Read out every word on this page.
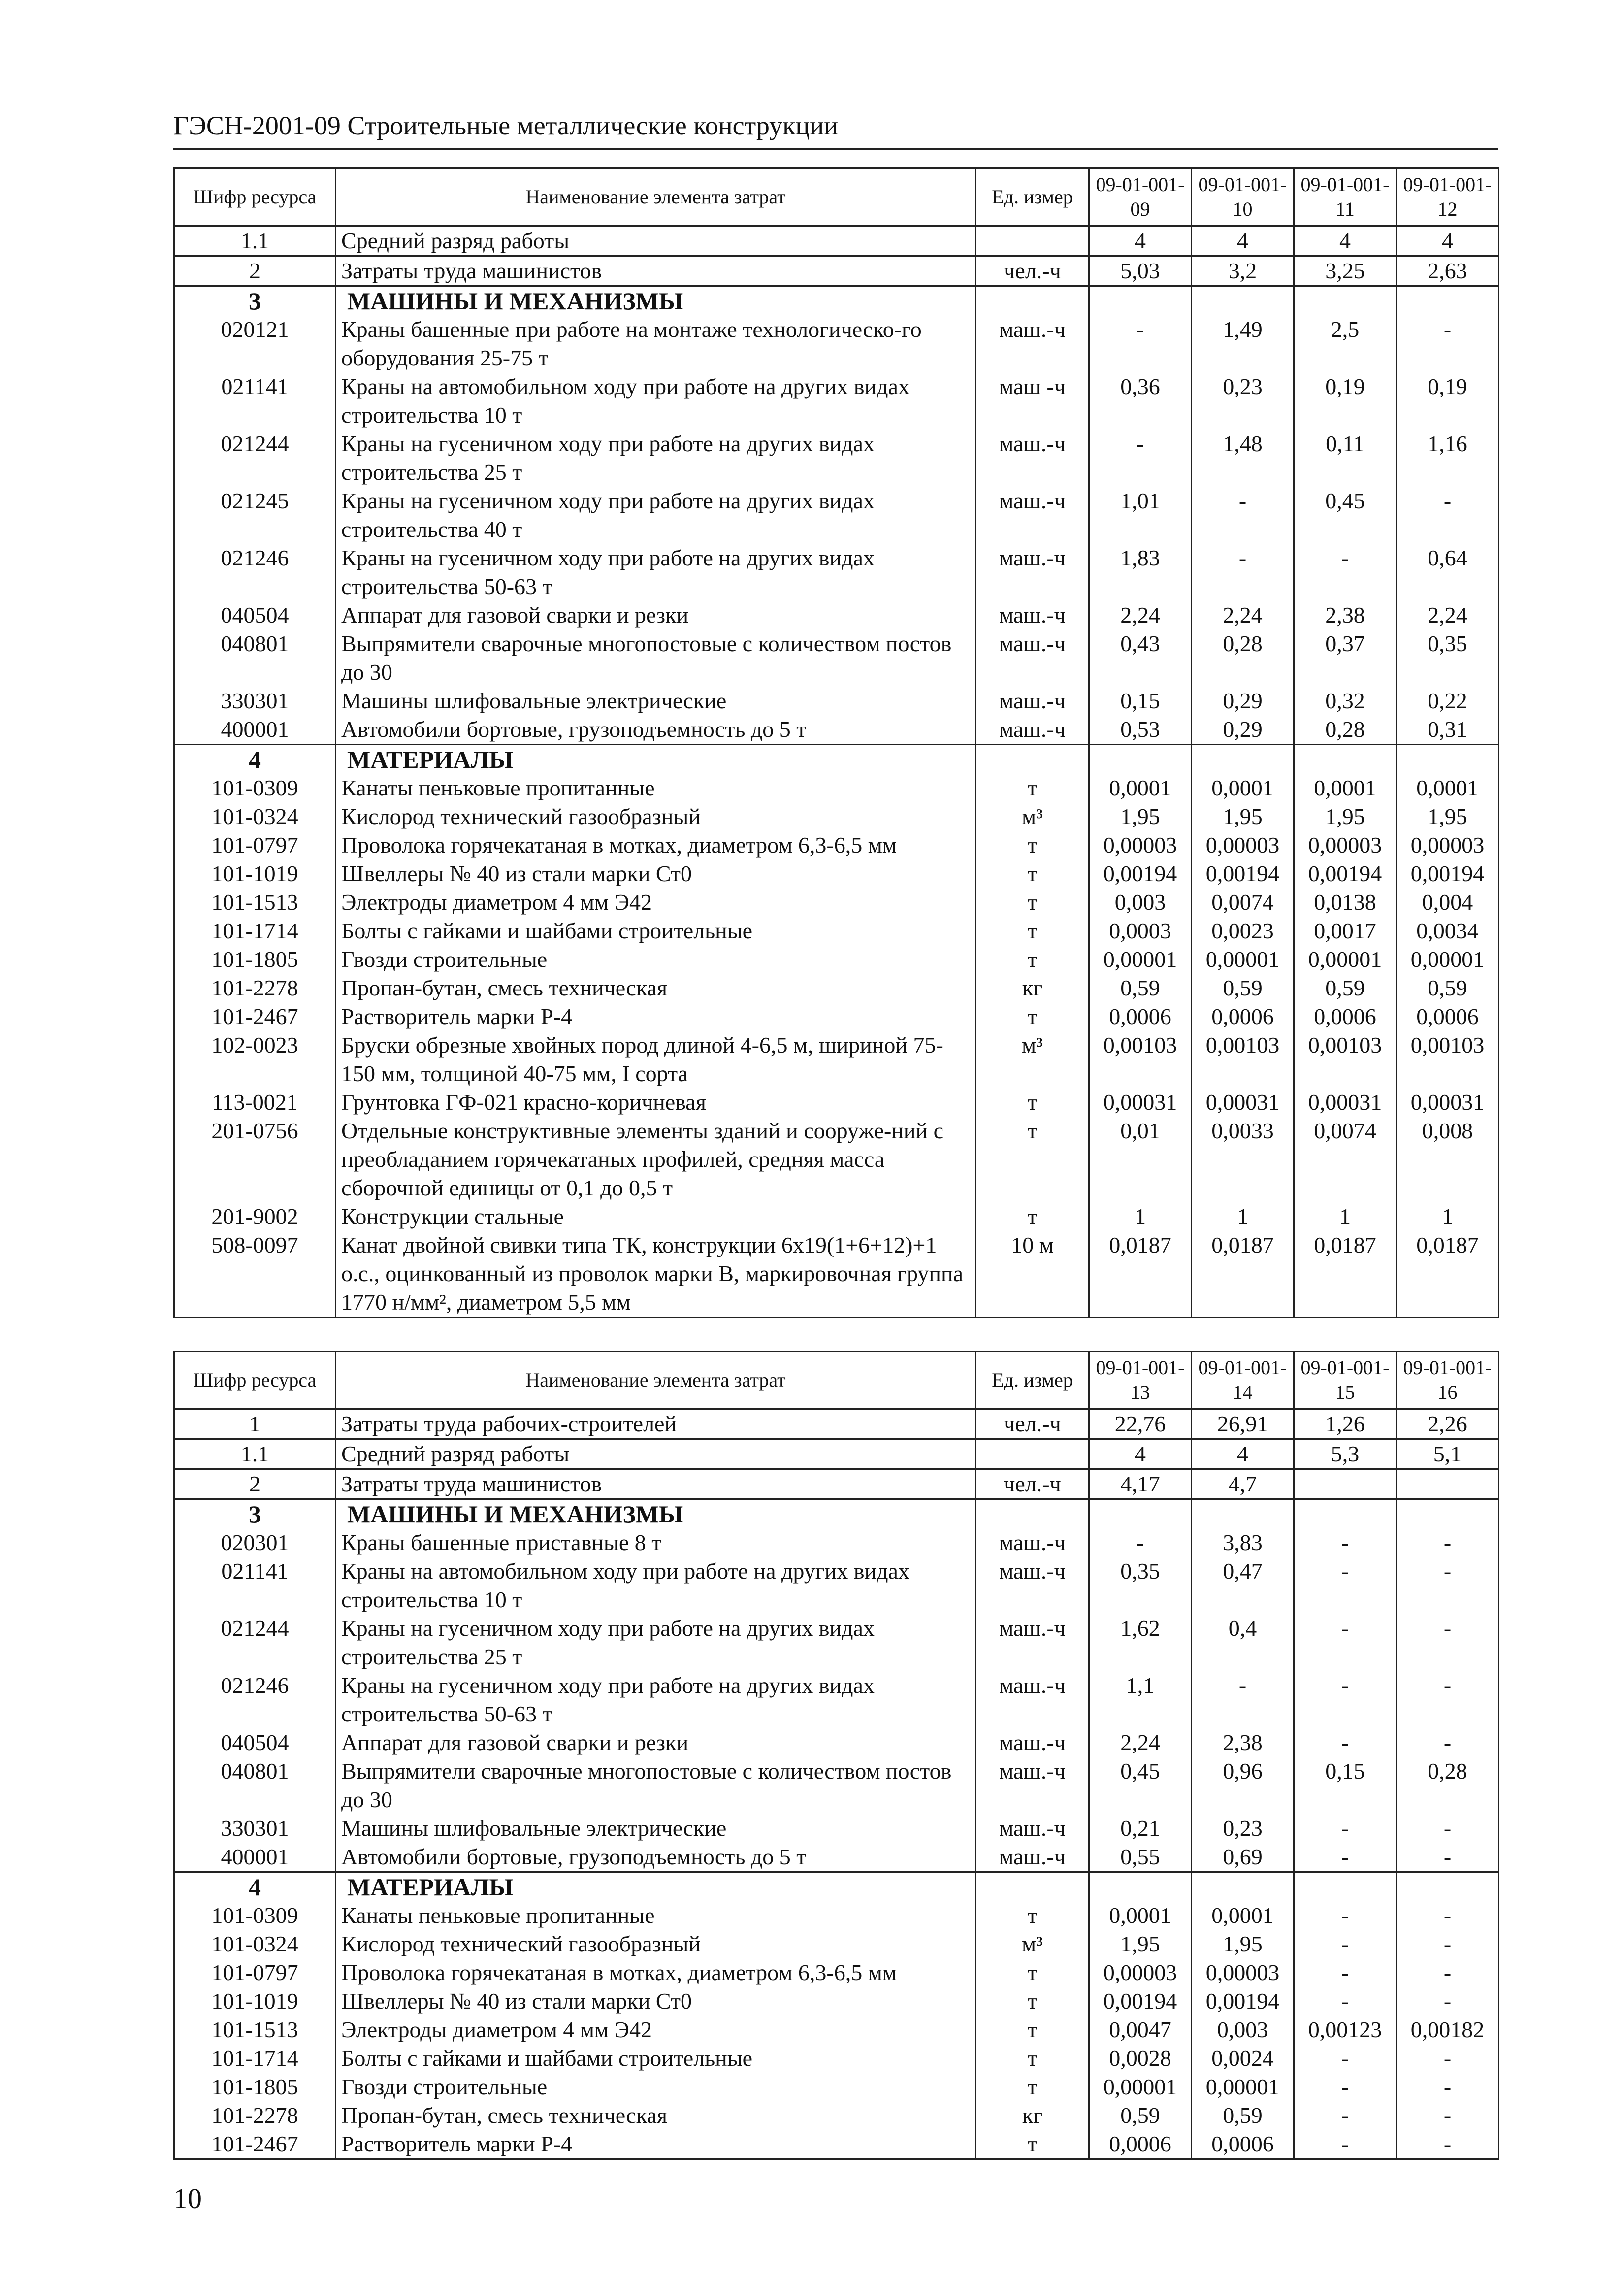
ГЭСН-2001-09 Строительные металлические конструкции
Шифр ресурса	Наименование элемента затрат	Ед. измер	09-01-001-09	09-01-001-10	09-01-001-11	09-01-001-12
1.1	Средний разряд работы		4	4	4	4
2	Затраты труда машинистов	чел.-ч	5,03	3,2	3,25	2,63
3	МАШИНЫ И МЕХАНИЗМЫ					
020121	Краны башенные при работе на монтаже технологическо-го оборудования 25-75 т	маш.-ч	-	1,49	2,5	-
021141	Краны на автомобильном ходу при работе на других видах строительства 10 т	маш -ч	0,36	0,23	0,19	0,19
021244	Краны на гусеничном ходу при работе на других видах строительства 25 т	маш.-ч	-	1,48	0,11	1,16
021245	Краны на гусеничном ходу при работе на других видах строительства 40 т	маш.-ч	1,01	-	0,45	-
021246	Краны на гусеничном ходу при работе на других видах строительства 50-63 т	маш.-ч	1,83	-	-	0,64
040504	Аппарат для газовой сварки и резки	маш.-ч	2,24	2,24	2,38	2,24
040801	Выпрямители сварочные многопостовые с количеством постов до 30	маш.-ч	0,43	0,28	0,37	0,35
330301	Машины шлифовальные электрические	маш.-ч	0,15	0,29	0,32	0,22
400001	Автомобили бортовые, грузоподъемность до 5 т	маш.-ч	0,53	0,29	0,28	0,31
4	МАТЕРИАЛЫ					
101-0309	Канаты пеньковые пропитанные	т	0,0001	0,0001	0,0001	0,0001
101-0324	Кислород технический газообразный	м³	1,95	1,95	1,95	1,95
101-0797	Проволока горячекатаная в мотках, диаметром 6,3-6,5 мм	т	0,00003	0,00003	0,00003	0,00003
101-1019	Швеллеры № 40 из стали марки Ст0	т	0,00194	0,00194	0,00194	0,00194
101-1513	Электроды диаметром 4 мм Э42	т	0,003	0,0074	0,0138	0,004
101-1714	Болты с гайками и шайбами строительные	т	0,0003	0,0023	0,0017	0,0034
101-1805	Гвозди строительные	т	0,00001	0,00001	0,00001	0,00001
101-2278	Пропан-бутан, смесь техническая	кг	0,59	0,59	0,59	0,59
101-2467	Растворитель марки Р-4	т	0,0006	0,0006	0,0006	0,0006
102-0023	Бруски обрезные хвойных пород длиной 4-6,5 м, шириной 75-150 мм, толщиной 40-75 мм, I сорта	м³	0,00103	0,00103	0,00103	0,00103
113-0021	Грунтовка ГФ-021 красно-коричневая	т	0,00031	0,00031	0,00031	0,00031
201-0756	Отдельные конструктивные элементы зданий и сооруже-ний с преобладанием горячекатаных профилей, средняя масса сборочной единицы от 0,1 до 0,5 т	т	0,01	0,0033	0,0074	0,008
201-9002	Конструкции стальные	т	1	1	1	1
508-0097	Канат двойной свивки типа ТК, конструкции 6х19(1+6+12)+1 о.с., оцинкованный из проволок марки В, маркировочная группа 1770 н/мм², диаметром 5,5 мм	10 м	0,0187	0,0187	0,0187	0,0187
Шифр ресурса	Наименование элемента затрат	Ед. измер	09-01-001-13	09-01-001-14	09-01-001-15	09-01-001-16
1	Затраты труда рабочих-строителей	чел.-ч	22,76	26,91	1,26	2,26
1.1	Средний разряд работы		4	4	5,3	5,1
2	Затраты труда машинистов	чел.-ч	4,17	4,7		
3	МАШИНЫ И МЕХАНИЗМЫ					
020301	Краны башенные приставные 8 т	маш.-ч	-	3,83	-	-
021141	Краны на автомобильном ходу при работе на других видах строительства 10 т	маш.-ч	0,35	0,47	-	-
021244	Краны на гусеничном ходу при работе на других видах строительства 25 т	маш.-ч	1,62	0,4	-	-
021246	Краны на гусеничном ходу при работе на других видах строительства 50-63 т	маш.-ч	1,1	-	-	-
040504	Аппарат для газовой сварки и резки	маш.-ч	2,24	2,38	-	-
040801	Выпрямители сварочные многопостовые с количеством постов до 30	маш.-ч	0,45	0,96	0,15	0,28
330301	Машины шлифовальные электрические	маш.-ч	0,21	0,23	-	-
400001	Автомобили бортовые, грузоподъемность до 5 т	маш.-ч	0,55	0,69	-	-
4	МАТЕРИАЛЫ					
101-0309	Канаты пеньковые пропитанные	т	0,0001	0,0001	-	-
101-0324	Кислород технический газообразный	м³	1,95	1,95	-	-
101-0797	Проволока горячекатаная в мотках, диаметром 6,3-6,5 мм	т	0,00003	0,00003	-	-
101-1019	Швеллеры № 40 из стали марки Ст0	т	0,00194	0,00194	-	-
101-1513	Электроды диаметром 4 мм Э42	т	0,0047	0,003	0,00123	0,00182
101-1714	Болты с гайками и шайбами строительные	т	0,0028	0,0024	-	-
101-1805	Гвозди строительные	т	0,00001	0,00001	-	-
101-2278	Пропан-бутан, смесь техническая	кг	0,59	0,59	-	-
101-2467	Растворитель марки Р-4	т	0,0006	0,0006	-	-
10
